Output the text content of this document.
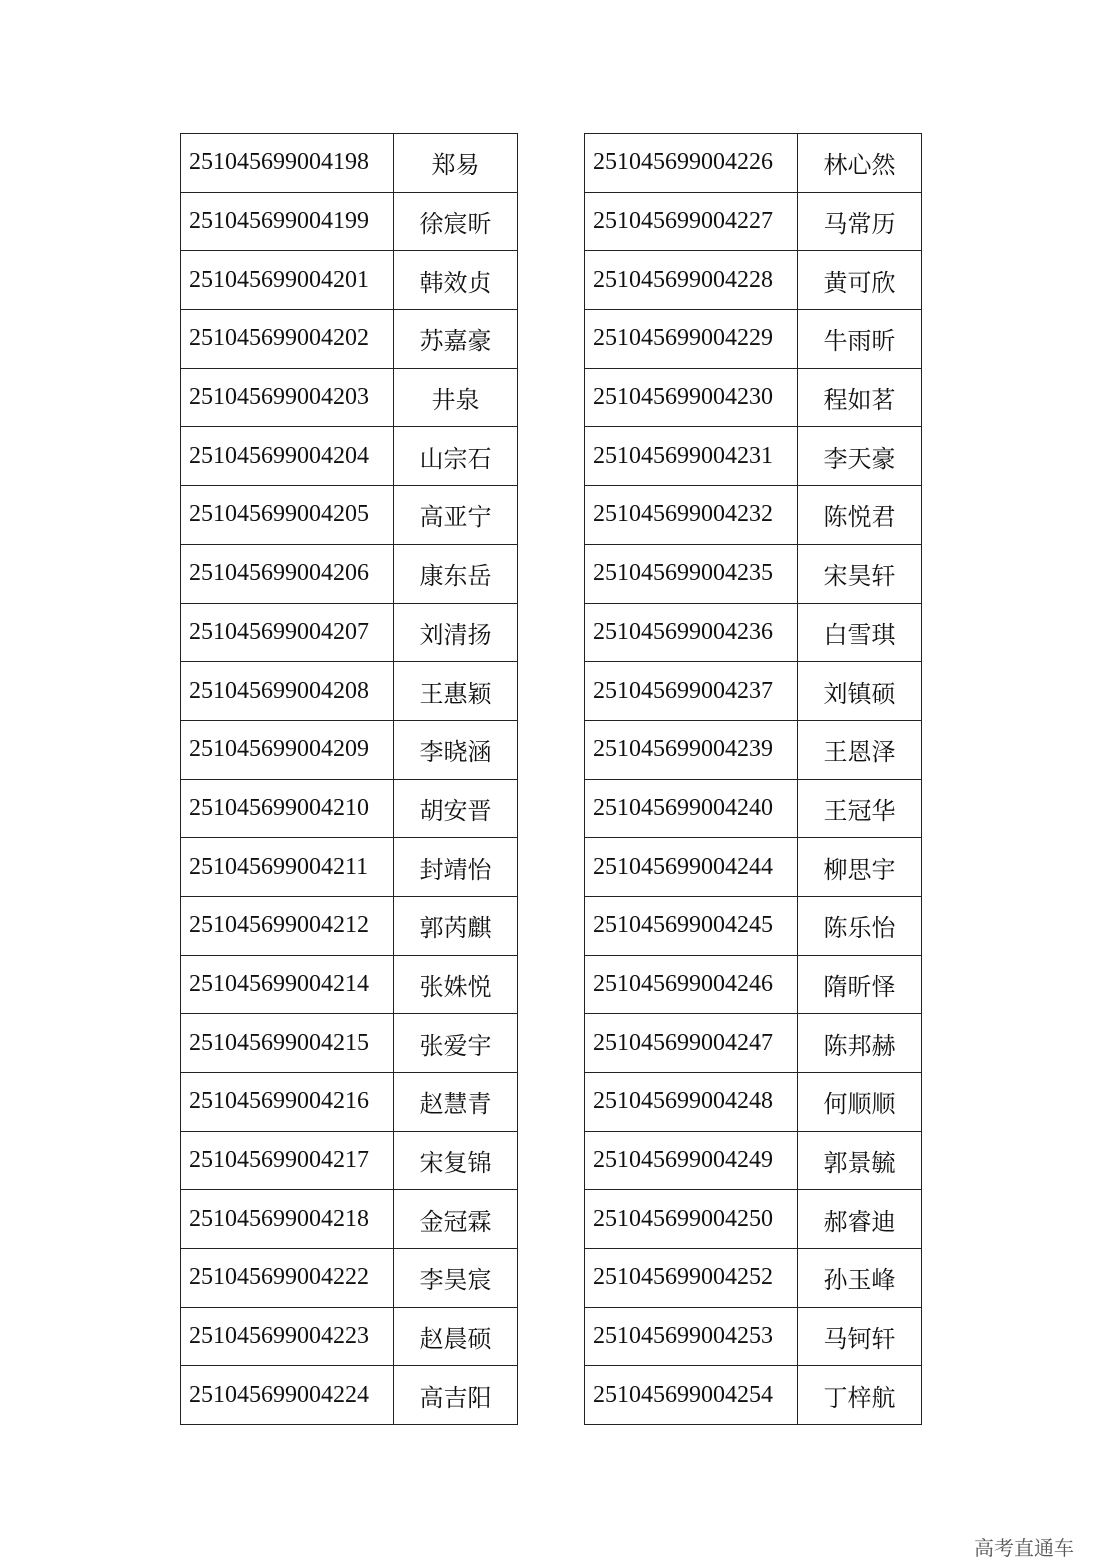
251045699004198	郑易
251045699004199	徐宸昕
251045699004201	韩效贞
251045699004202	苏嘉豪
251045699004203	井泉
251045699004204	山宗石
251045699004205	高亚宁
251045699004206	康东岳
251045699004207	刘清扬
251045699004208	王惠颖
251045699004209	李晓涵
251045699004210	胡安晋
251045699004211	封靖怡
251045699004212	郭芮麒
251045699004214	张姝悦
251045699004215	张爱宇
251045699004216	赵慧青
251045699004217	宋复锦
251045699004218	金冠霖
251045699004222	李昊宸
251045699004223	赵晨硕
251045699004224	高吉阳
251045699004226	林心然
251045699004227	马常历
251045699004228	黄可欣
251045699004229	牛雨昕
251045699004230	程如茗
251045699004231	李天豪
251045699004232	陈悦君
251045699004235	宋昊轩
251045699004236	白雪琪
251045699004237	刘镇硕
251045699004239	王恩泽
251045699004240	王冠华
251045699004244	柳思宇
251045699004245	陈乐怡
251045699004246	隋昕怿
251045699004247	陈邦赫
251045699004248	何顺顺
251045699004249	郭景毓
251045699004250	郝睿迪
251045699004252	孙玉峰
251045699004253	马钶轩
251045699004254	丁梓航
高考直通车
